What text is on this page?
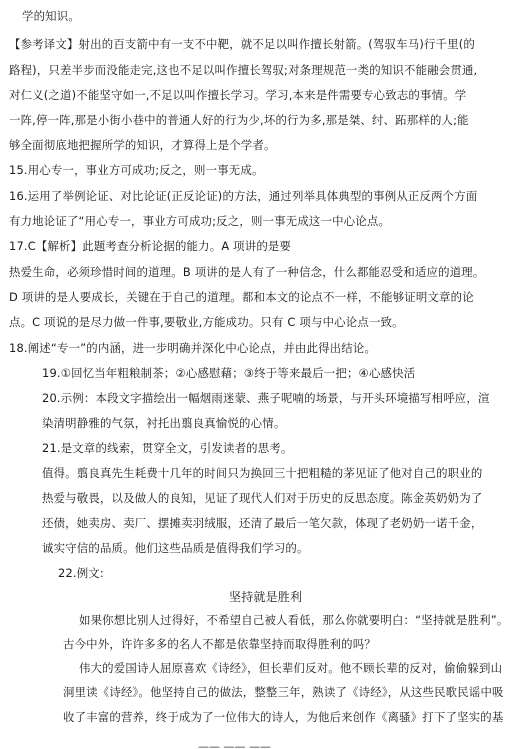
学的知识。
【参考译文】射出的百支箭中有一支不中靶，就不足以叫作擅长射箭。(驾驭车马)行千里(的
路程)，只差半步而没能走完,这也不足以叫作擅长驾驭;对条理规范一类的知识不能融会贯通,
对仁义(之道)不能坚守如一,不足以叫作擅长学习。学习,本来是件需要专心致志的事情。学
一阵,停一阵,那是小街小巷中的普通人好的行为少,坏的行为多,那是桀、纣、跖那样的人;能
够全面彻底地把握所学的知识，才算得上是个学者。
15.用心专一，事业方可成功;反之，则一事无成。
16.运用了举例论证、对比论证(正反论证)的方法，通过列举具体典型的事例从正反两个方面
有力地论证了“用心专一，事业方可成功;反之，则一事无成这一中心论点。
17.C【解析】此题考查分析论据的能力。A 项讲的是要
热爱生命，必须珍惜时间的道理。B 项讲的是人有了一种信念，什么都能忍受和适应的道理。
D 项讲的是人要成长，关键在于自己的道理。都和本文的论点不一样，不能够证明文章的论
点。C 项说的是尽力做一件事,要敬业,方能成功。只有 C 项与中心论点一致。
18.阐述“专一”的内涵，进一步明确并深化中心论点，并由此得出结论。
19.①回忆当年粗粮制茶；②心感慰藉；③终于等来最后一把；④心感快活
20.示例：本段文字描绘出一幅烟雨迷蒙、燕子呢喃的场景，与开头环境描写相呼应，渲
染清明静雅的气氛，衬托出翦良真愉悦的心情。
21.是文章的线索，贯穿全文，引发读者的思考。
值得。翦良真先生耗费十几年的时间只为换回三十把粗糙的茅见证了他对自己的职业的
热爱与敬畏，以及做人的良知，见证了现代人们对于历史的反思态度。陈金英奶奶为了
还债，她卖房、卖厂、摆摊卖羽绒服，还清了最后一笔欠款，体现了老奶奶一诺千金，
诚实守信的品质。他们这些品质是值得我们学习的。
22.例文:
坚持就是胜利
如果你想比别人过得好，不希望自己被人看低，那么你就要明白：“坚持就是胜利”。
古今中外，许许多多的名人不都是依靠坚持而取得胜利的吗？
伟大的爱国诗人屈原喜欢《诗经》，但长辈们反对。他不顾长辈的反对，偷偷躲到山
洞里读《诗经》。他坚持自己的做法，整整三年，熟读了《诗经》，从这些民歌民谣中吸
收了丰富的营养，终于成为了一位伟大的诗人，为他后来创作《离骚》打下了坚实的基
—— —— ——
